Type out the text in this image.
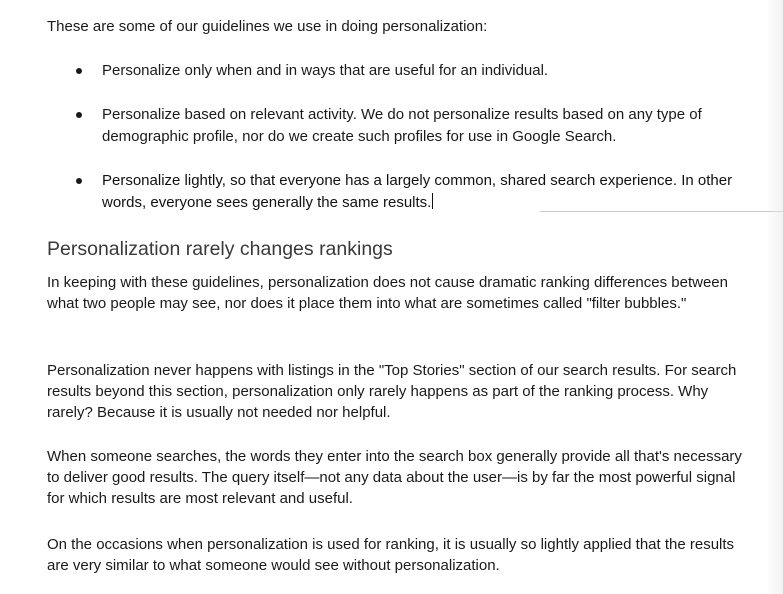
These are some of our guidelines we use in doing personalization:

Personalize only when and in ways that are useful for an individual.
Personalize based on relevant activity. We do not personalize results based on any type of demographic profile, nor do we create such profiles for use in Google Search.
Personalize lightly, so that everyone has a largely common, shared search experience. In other words, everyone sees generally the same results.
Personalization rarely changes rankings

In keeping with these guidelines, personalization does not cause dramatic ranking differences between what two people may see, nor does it place them into what are sometimes called "filter bubbles."

Personalization never happens with listings in the "Top Stories" section of our search results. For search results beyond this section, personalization only rarely happens as part of the ranking process. Why rarely? Because it is usually not needed nor helpful.

When someone searches, the words they enter into the search box generally provide all that's necessary to deliver good results. The query itself—not any data about the user—is by far the most powerful signal for which results are most relevant and useful.

On the occasions when personalization is used for ranking, it is usually so lightly applied that the results are very similar to what someone would see without personalization.
